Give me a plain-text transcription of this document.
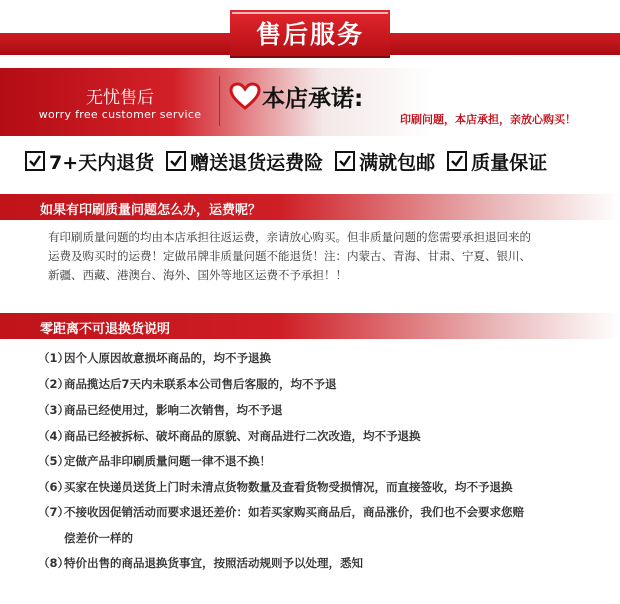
售后服务
无忧售后
worry free customer service
本店承诺:
印刷问题，本店承担，亲放心购买！
7+天内退货 赠送退货运费险 满就包邮 质量保证
如果有印刷质量问题怎么办，运费呢？
有印刷质量问题的均由本店承担往返运费，亲请放心购买。但非质量问题的您需要承担退回来的
运费及购买时的运费！定做吊牌非质量问题不能退货！注：内蒙古、青海、甘肃、宁夏、银川、
新疆、西藏、港澳台、海外、国外等地区运费不予承担！！
零距离不可退换货说明
（1）因个人原因故意损坏商品的，均不予退换
（2）商品揽达后7天内未联系本公司售后客服的，均不予退
（3）商品已经使用过，影响二次销售，均不予退
（4）商品已经被拆标、破坏商品的原貌、对商品进行二次改造，均不予退换
（5）定做产品非印刷质量问题一律不退不换！
（6）买家在快递员送货上门时未清点货物数量及查看货物受损情况，而直接签收，均不予退换
（7）不接收因促销活动而要求退还差价：如若买家购买商品后，商品涨价，我们也不会要求您赔
偿差价一样的
（8）特价出售的商品退换货事宜，按照活动规则予以处理，悉知
